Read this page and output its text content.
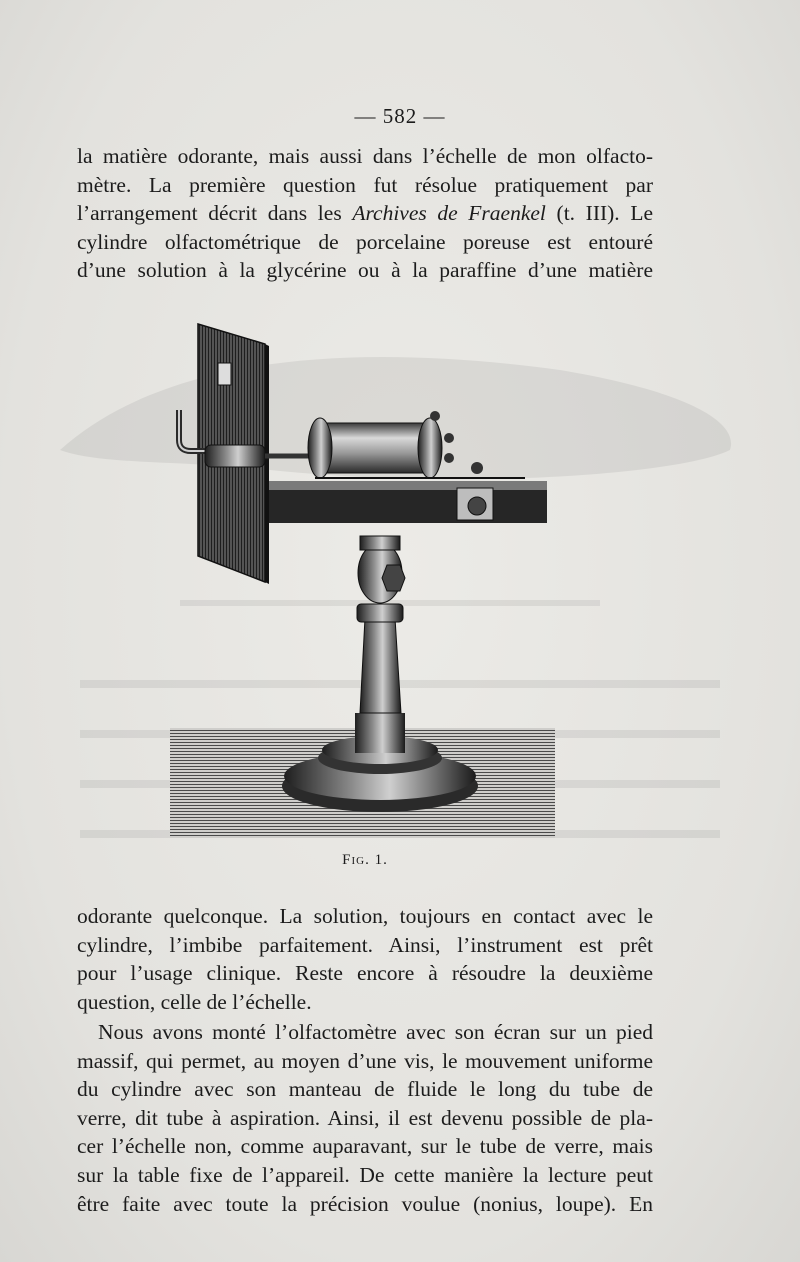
— 582 —

la matière odorante, mais aussi dans l’échelle de mon olfacto-
mètre. La première question fut résolue pratiquement par
l’arrangement décrit dans les Archives de Fraenkel (t. III). Le
cylindre olfactométrique de porcelaine poreuse est entouré
d’une solution à la glycérine ou à la paraffine d’une matière

Fig. 1.

odorante quelconque. La solution, toujours en contact avec le
cylindre, l’imbibe parfaitement. Ainsi, l’instrument est prêt
pour l’usage clinique. Reste encore à résoudre la deuxième
question, celle de l’échelle.

Nous avons monté l’olfactomètre avec son écran sur un pied
massif, qui permet, au moyen d’une vis, le mouvement uniforme
du cylindre avec son manteau de fluide le long du tube de
verre, dit tube à aspiration. Ainsi, il est devenu possible de pla-
cer l’échelle non, comme auparavant, sur le tube de verre, mais
sur la table fixe de l’appareil. De cette manière la lecture peut
être faite avec toute la précision voulue (nonius, loupe). En
